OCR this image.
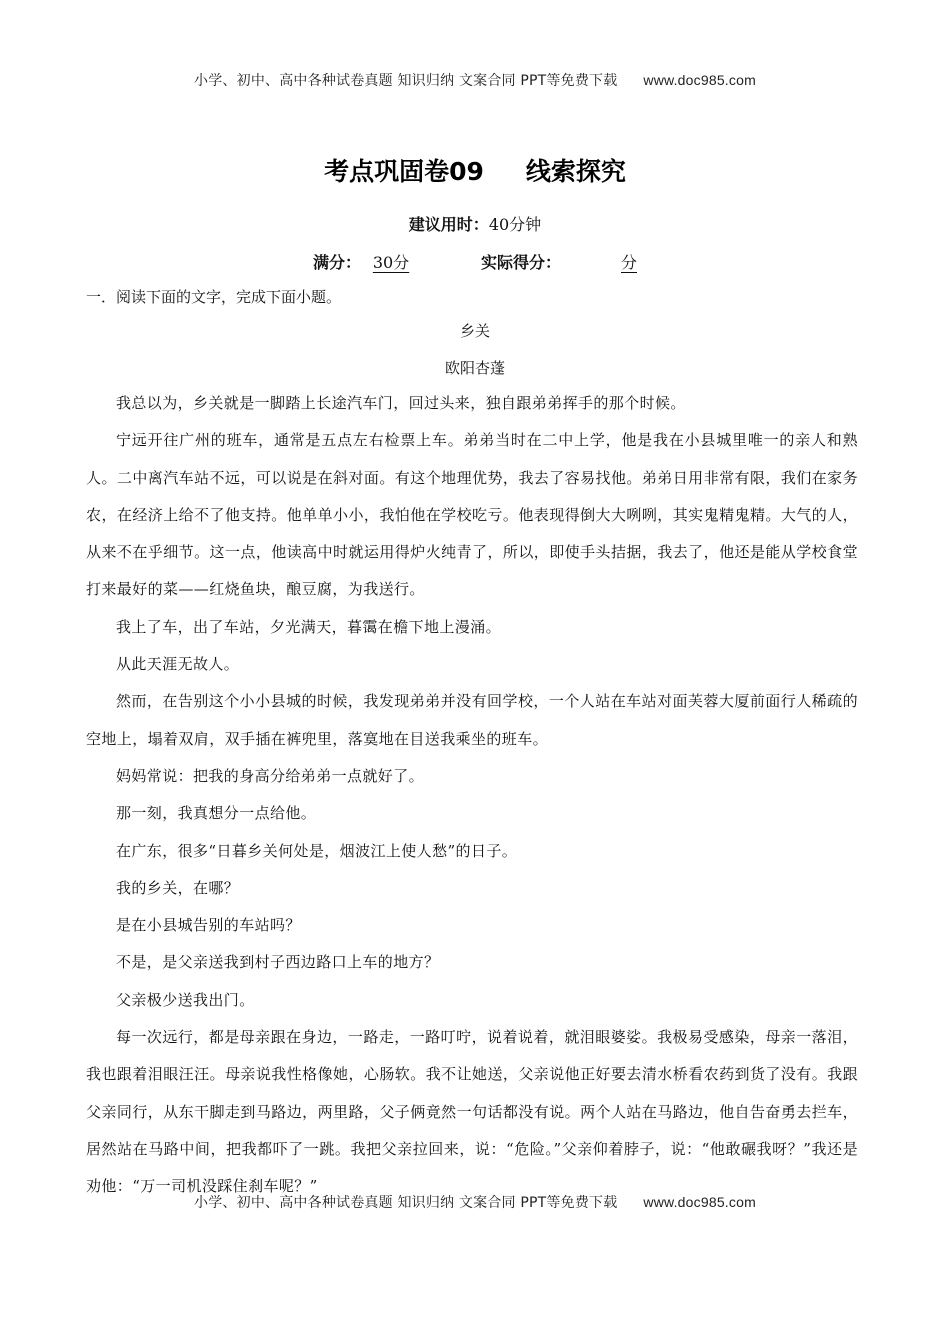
小学、初中、高中各种试卷真题 知识归纳 文案合同 PPT等免费下载 www.doc985.com
考点巩固卷09 线索探究
建议用时：40分钟
满分： 30分	实际得分：	分
一．阅读下面的文字，完成下面小题。
乡关
欧阳杏蓬

我总以为，乡关就是一脚踏上长途汽车门，回过头来，独自跟弟弟挥手的那个时候。

宁远开往广州的班车，通常是五点左右检票上车。弟弟当时在二中上学，他是我在小县城里唯一的亲人和熟人。二中离汽车站不远，可以说是在斜对面。有这个地理优势，我去了容易找他。弟弟日用非常有限，我们在家务农，在经济上给不了他支持。他单单小小，我怕他在学校吃亏。他表现得倒大大咧咧，其实鬼精鬼精。大气的人，从来不在乎细节。这一点，他读高中时就运用得炉火纯青了，所以，即使手头拮据，我去了，他还是能从学校食堂打来最好的菜——红烧鱼块，酿豆腐，为我送行。

我上了车，出了车站，夕光满天，暮霭在檐下地上漫涌。

从此天涯无故人。

然而，在告别这个小小县城的时候，我发现弟弟并没有回学校，一个人站在车站对面芙蓉大厦前面行人稀疏的空地上，塌着双肩，双手插在裤兜里，落寞地在目送我乘坐的班车。

妈妈常说：把我的身高分给弟弟一点就好了。

那一刻，我真想分一点给他。

在广东，很多“日暮乡关何处是，烟波江上使人愁”的日子。

我的乡关，在哪？

是在小县城告别的车站吗？

不是，是父亲送我到村子西边路口上车的地方？

父亲极少送我出门。

每一次远行，都是母亲跟在身边，一路走，一路叮咛，说着说着，就泪眼婆娑。我极易受感染，母亲一落泪，我也跟着泪眼汪汪。母亲说我性格像她，心肠软。我不让她送，父亲说他正好要去清水桥看农药到货了没有。我跟父亲同行，从东干脚走到马路边，两里路，父子俩竟然一句话都没有说。两个人站在马路边，他自告奋勇去拦车，居然站在马路中间，把我都吓了一跳。我把父亲拉回来，说：“危险。”父亲仰着脖子，说：“他敢碾我呀？”我还是劝他：“万一司机没踩住刹车呢？”

小学、初中、高中各种试卷真题 知识归纳 文案合同 PPT等免费下载 www.doc985.com
